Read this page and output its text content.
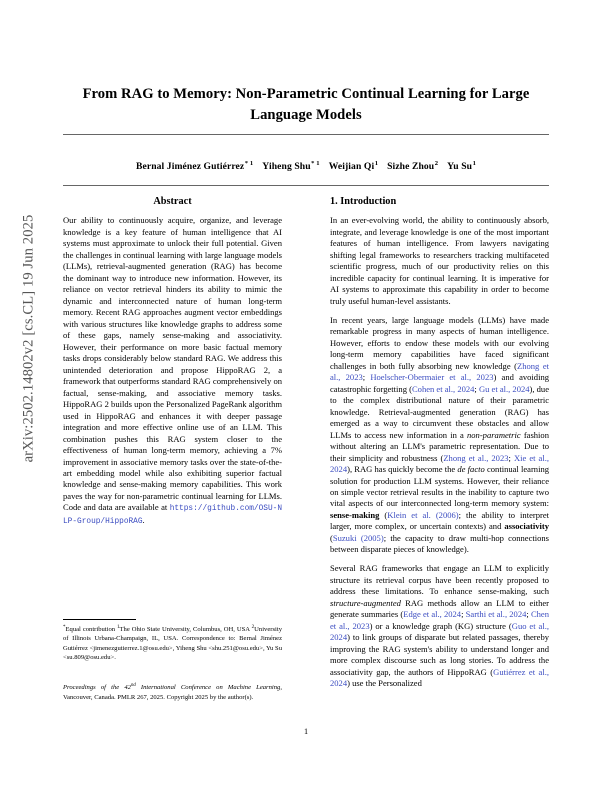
arXiv:2502.14802v2 [cs.CL] 19 Jun 2025
From RAG to Memory: Non-Parametric Continual Learning for Large Language Models
Bernal Jiménez Gutiérrez$^{* 1}$ Yiheng Shu$^{* 1}$ Weijian Qi$^1$ Sizhe Zhou$^2$ Yu Su$^1$
Abstract

Our ability to continuously acquire, organize, and leverage knowledge is a key feature of human intelligence that AI systems must approximate to unlock their full potential. Given the challenges in continual learning with large language models (LLMs), retrieval-augmented generation (RAG) has become the dominant way to introduce new information. However, its reliance on vector retrieval hinders its ability to mimic the dynamic and interconnected nature of human long-term memory. Recent RAG approaches augment vector embeddings with various structures like knowledge graphs to address some of these gaps, namely sense-making and associativity. However, their performance on more basic factual memory tasks drops considerably below standard RAG. We address this unintended deterioration and propose HippoRAG 2, a framework that outperforms standard RAG comprehensively on factual, sense-making, and associative memory tasks. HippoRAG 2 builds upon the Personalized PageRank algorithm used in HippoRAG and enhances it with deeper passage integration and more effective online use of an LLM. This combination pushes this RAG system closer to the effectiveness of human long-term memory, achieving a 7% improvement in associative memory tasks over the state-of-the-art embedding model while also exhibiting superior factual knowledge and sense-making memory capabilities. This work paves the way for non-parametric continual learning for LLMs. Code and data are available at https://github.com/OSU-NLP-Group/HippoRAG.

1. Introduction

In an ever-evolving world, the ability to continuously absorb, integrate, and leverage knowledge is one of the most important features of human intelligence. From lawyers navigating shifting legal frameworks to researchers tracking multifaceted scientific progress, much of our productivity relies on this incredible capacity for continual learning. It is imperative for AI systems to approximate this capability in order to become truly useful human-level assistants.

In recent years, large language models (LLMs) have made remarkable progress in many aspects of human intelligence. However, efforts to endow these models with our evolving long-term memory capabilities have faced significant challenges in both fully absorbing new knowledge (Zhong et al., 2023; Hoelscher-Obermaier et al., 2023) and avoiding catastrophic forgetting (Cohen et al., 2024; Gu et al., 2024), due to the complex distributional nature of their parametric knowledge. Retrieval-augmented generation (RAG) has emerged as a way to circumvent these obstacles and allow LLMs to access new information in a non-parametric fashion without altering an LLM's parametric representation. Due to their simplicity and robustness (Zhong et al., 2023; Xie et al., 2024), RAG has quickly become the de facto continual learning solution for production LLM systems. However, their reliance on simple vector retrieval results in the inability to capture two vital aspects of our interconnected long-term memory system: sense-making (Klein et al. (2006); the ability to interpret larger, more complex, or uncertain contexts) and associativity (Suzuki (2005); the capacity to draw multi-hop connections between disparate pieces of knowledge).

Several RAG frameworks that engage an LLM to explicitly structure its retrieval corpus have been recently proposed to address these limitations. To enhance sense-making, such structure-augmented RAG methods allow an LLM to either generate summaries (Edge et al., 2024; Sarthi et al., 2024; Chen et al., 2023) or a knowledge graph (KG) structure (Guo et al., 2024) to link groups of disparate but related passages, thereby improving the RAG system's ability to understand longer and more complex discourse such as long stories. To address the associativity gap, the authors of HippoRAG (Gutiérrez et al., 2024) use the Personalized

*Equal contribution $^1$The Ohio State University, Columbus, OH, USA $^2$University of Illinois Urbana-Champaign, IL, USA. Correspondence to: Bernal Jiménez Gutiérrez <jimenezgutierrez.1@osu.edu>, Yiheng Shu <shu.251@osu.edu>, Yu Su <su.809@osu.edu>.

Proceedings of the 42nd International Conference on Machine Learning, Vancouver, Canada. PMLR 267, 2025. Copyright 2025 by the author(s).

1
